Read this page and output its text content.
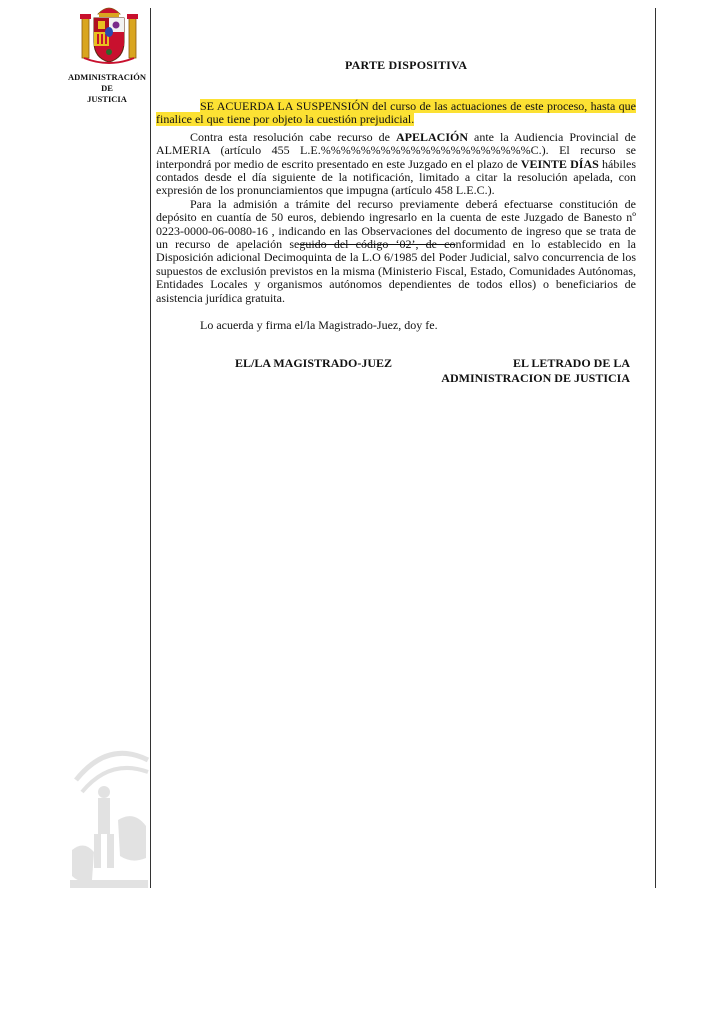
ADMINISTRACIÓN
DE
JUSTICIA
PARTE DISPOSITIVA

SE ACUERDA LA SUSPENSIÓN del curso de las actuaciones de este proceso, hasta que finalice el que tiene por objeto la cuestión prejudicial.

Contra esta resolución cabe recurso de APELACIÓN ante la Audiencia Provincial de ALMERIA (artículo 455 L.E.%%%%%%%%%%%%%%%%%%%%%C.). El recurso se interpondrá por medio de escrito presentado en este Juzgado en el plazo de VEINTE DÍAS hábiles contados desde el día siguiente de la notificación, limitado a citar la resolución apelada, con expresión de los pronunciamientos que impugna (artículo 458 L.E.C.).

Para la admisión a trámite del recurso previamente deberá efectuarse constitución de depósito en cuantía de 50 euros, debiendo ingresarlo en la cuenta de este Juzgado de Banesto nº 0223-0000-06-0080-16 , indicando en las Observaciones del documento de ingreso que se trata de un recurso de apelación seguido del código ‘02’, de conformidad en lo establecido en la Disposición adicional Decimoquinta de la L.O 6/1985 del Poder Judicial, salvo concurrencia de los supuestos de exclusión previstos en la misma (Ministerio Fiscal, Estado, Comunidades Autónomas, Entidades Locales y organismos autónomos dependientes de todos ellos) o beneficiarios de asistencia jurídica gratuita.

Lo acuerda y firma el/la Magistrado-Juez, doy fe.

EL/LA MAGISTRADO-JUEZ	EL LETRADO DE LA
ADMINISTRACION DE JUSTICIA
